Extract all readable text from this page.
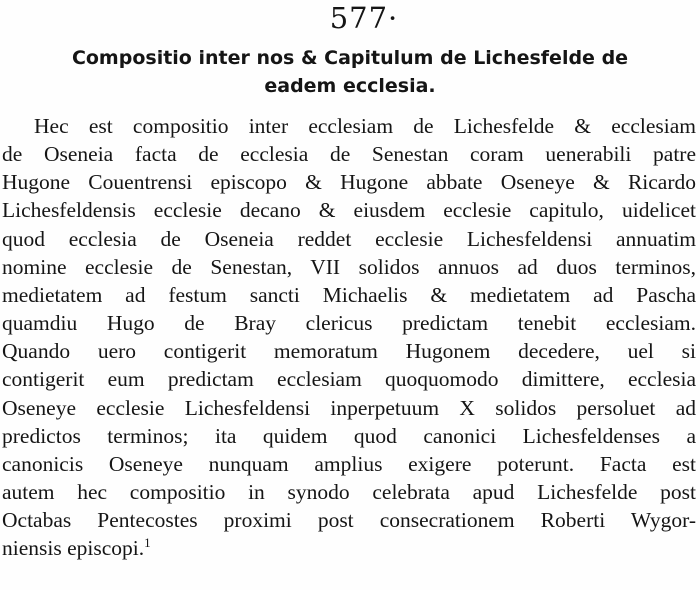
577·
Compositio inter nos & Capitulum de Lichesfelde de
eadem ecclesia.
Hec est compositio inter ecclesiam de Lichesfelde & ecclesiam
de Oseneia facta de ecclesia de Senestan coram uenerabili patre
Hugone Couentrensi episcopo & Hugone abbate Oseneye & Ricardo
Lichesfeldensis ecclesie decano & eiusdem ecclesie capitulo, uidelicet
quod ecclesia de Oseneia reddet ecclesie Lichesfeldensi annuatim
nomine ecclesie de Senestan, VII solidos annuos ad duos terminos,
medietatem ad festum sancti Michaelis & medietatem ad Pascha
quamdiu Hugo de Bray clericus predictam tenebit ecclesiam.
Quando uero contigerit memoratum Hugonem decedere, uel si
contigerit eum predictam ecclesiam quoquomodo dimittere, ecclesia
Oseneye ecclesie Lichesfeldensi inperpetuum X solidos persoluet ad
predictos terminos; ita quidem quod canonici Lichesfeldenses a
canonicis Oseneye nunquam amplius exigere poterunt. Facta est
autem hec compositio in synodo celebrata apud Lichesfelde post
Octabas Pentecostes proximi post consecrationem Roberti Wygor-
niensis episcopi.$^1$
